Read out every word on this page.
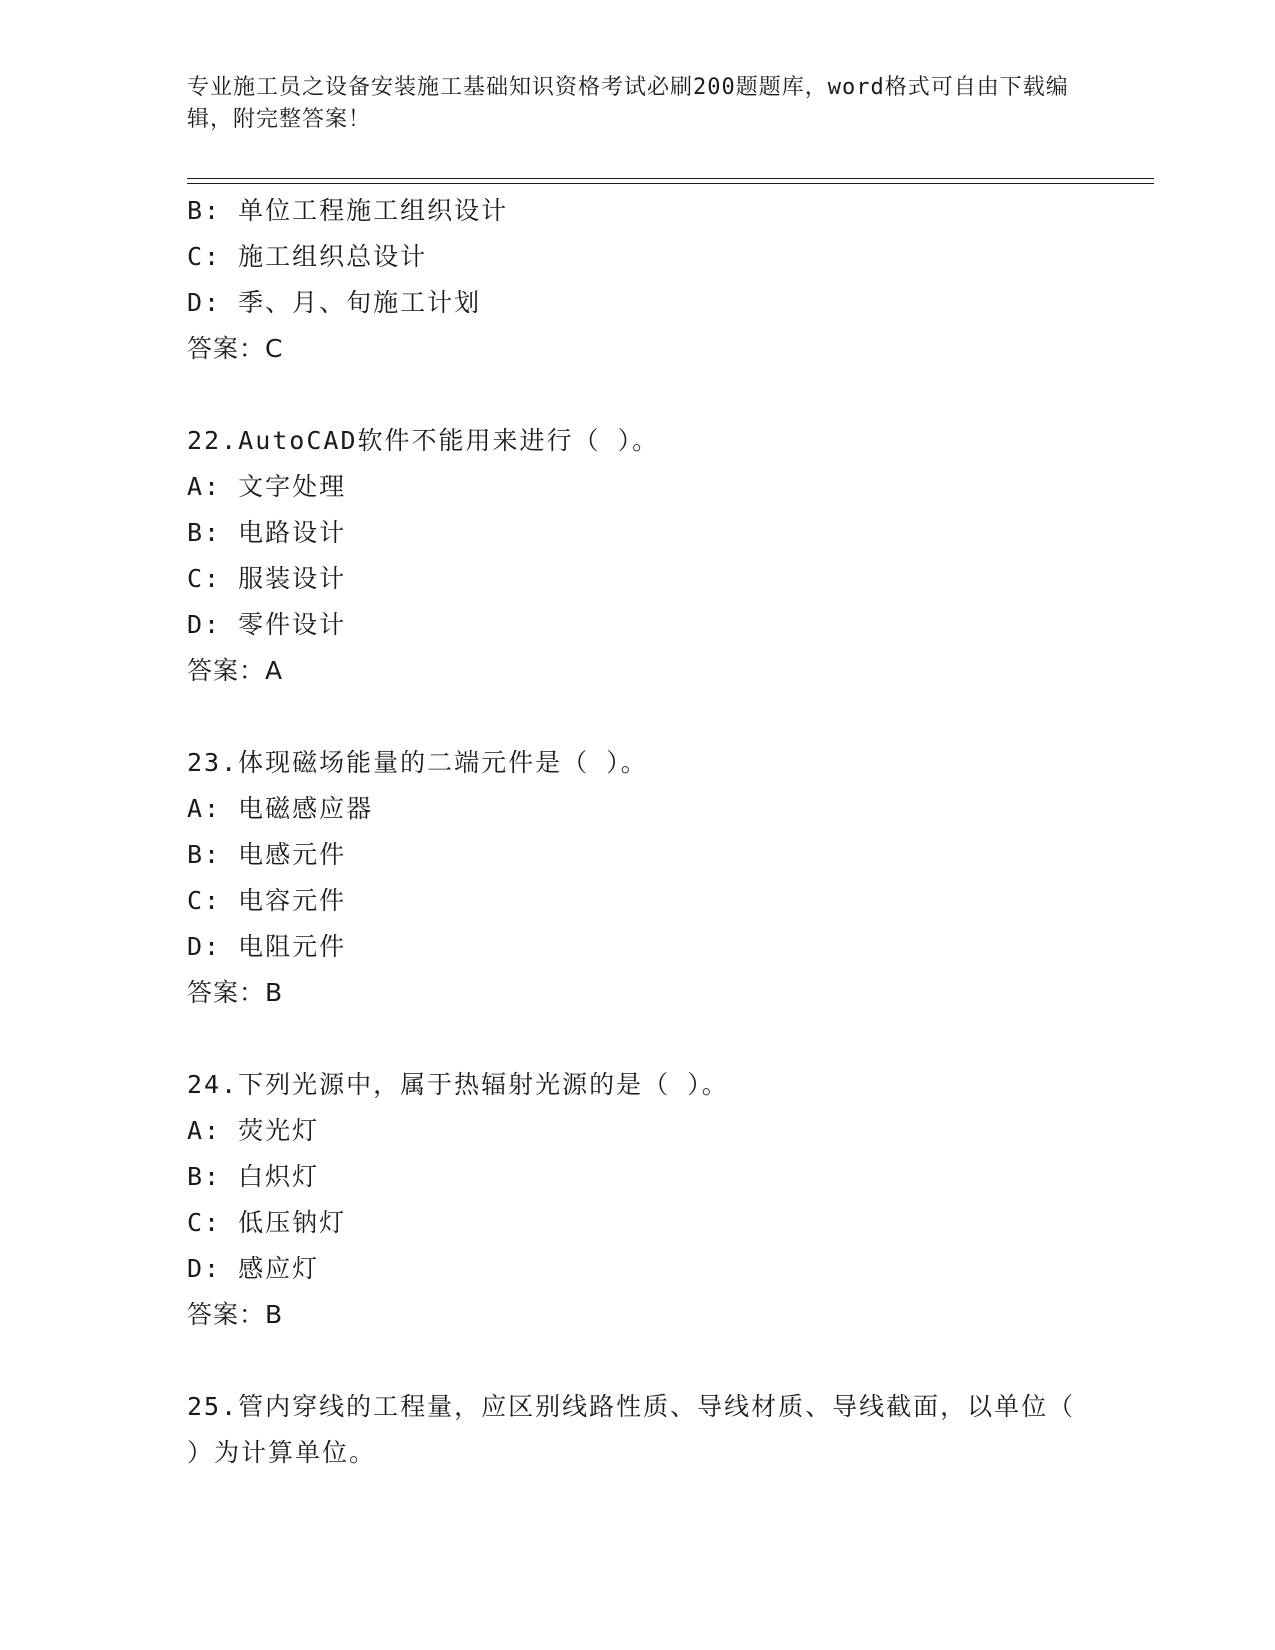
专业施工员之设备安装施工基础知识资格考试必刷200题题库，word格式可自由下载编辑，附完整答案！
B: 单位工程施工组织设计
C: 施工组织总设计
D: 季、月、旬施工计划
答案：C
22.AutoCAD软件不能用来进行（ ）。
A: 文字处理
B: 电路设计
C: 服装设计
D: 零件设计
答案：A
23.体现磁场能量的二端元件是（ ）。
A: 电磁感应器
B: 电感元件
C: 电容元件
D: 电阻元件
答案：B
24.下列光源中，属于热辐射光源的是（ ）。
A: 荧光灯
B: 白炽灯
C: 低压钠灯
D: 感应灯
答案：B
25.管内穿线的工程量，应区别线路性质、导线材质、导线截面，以单位（ ）为计算单位。
